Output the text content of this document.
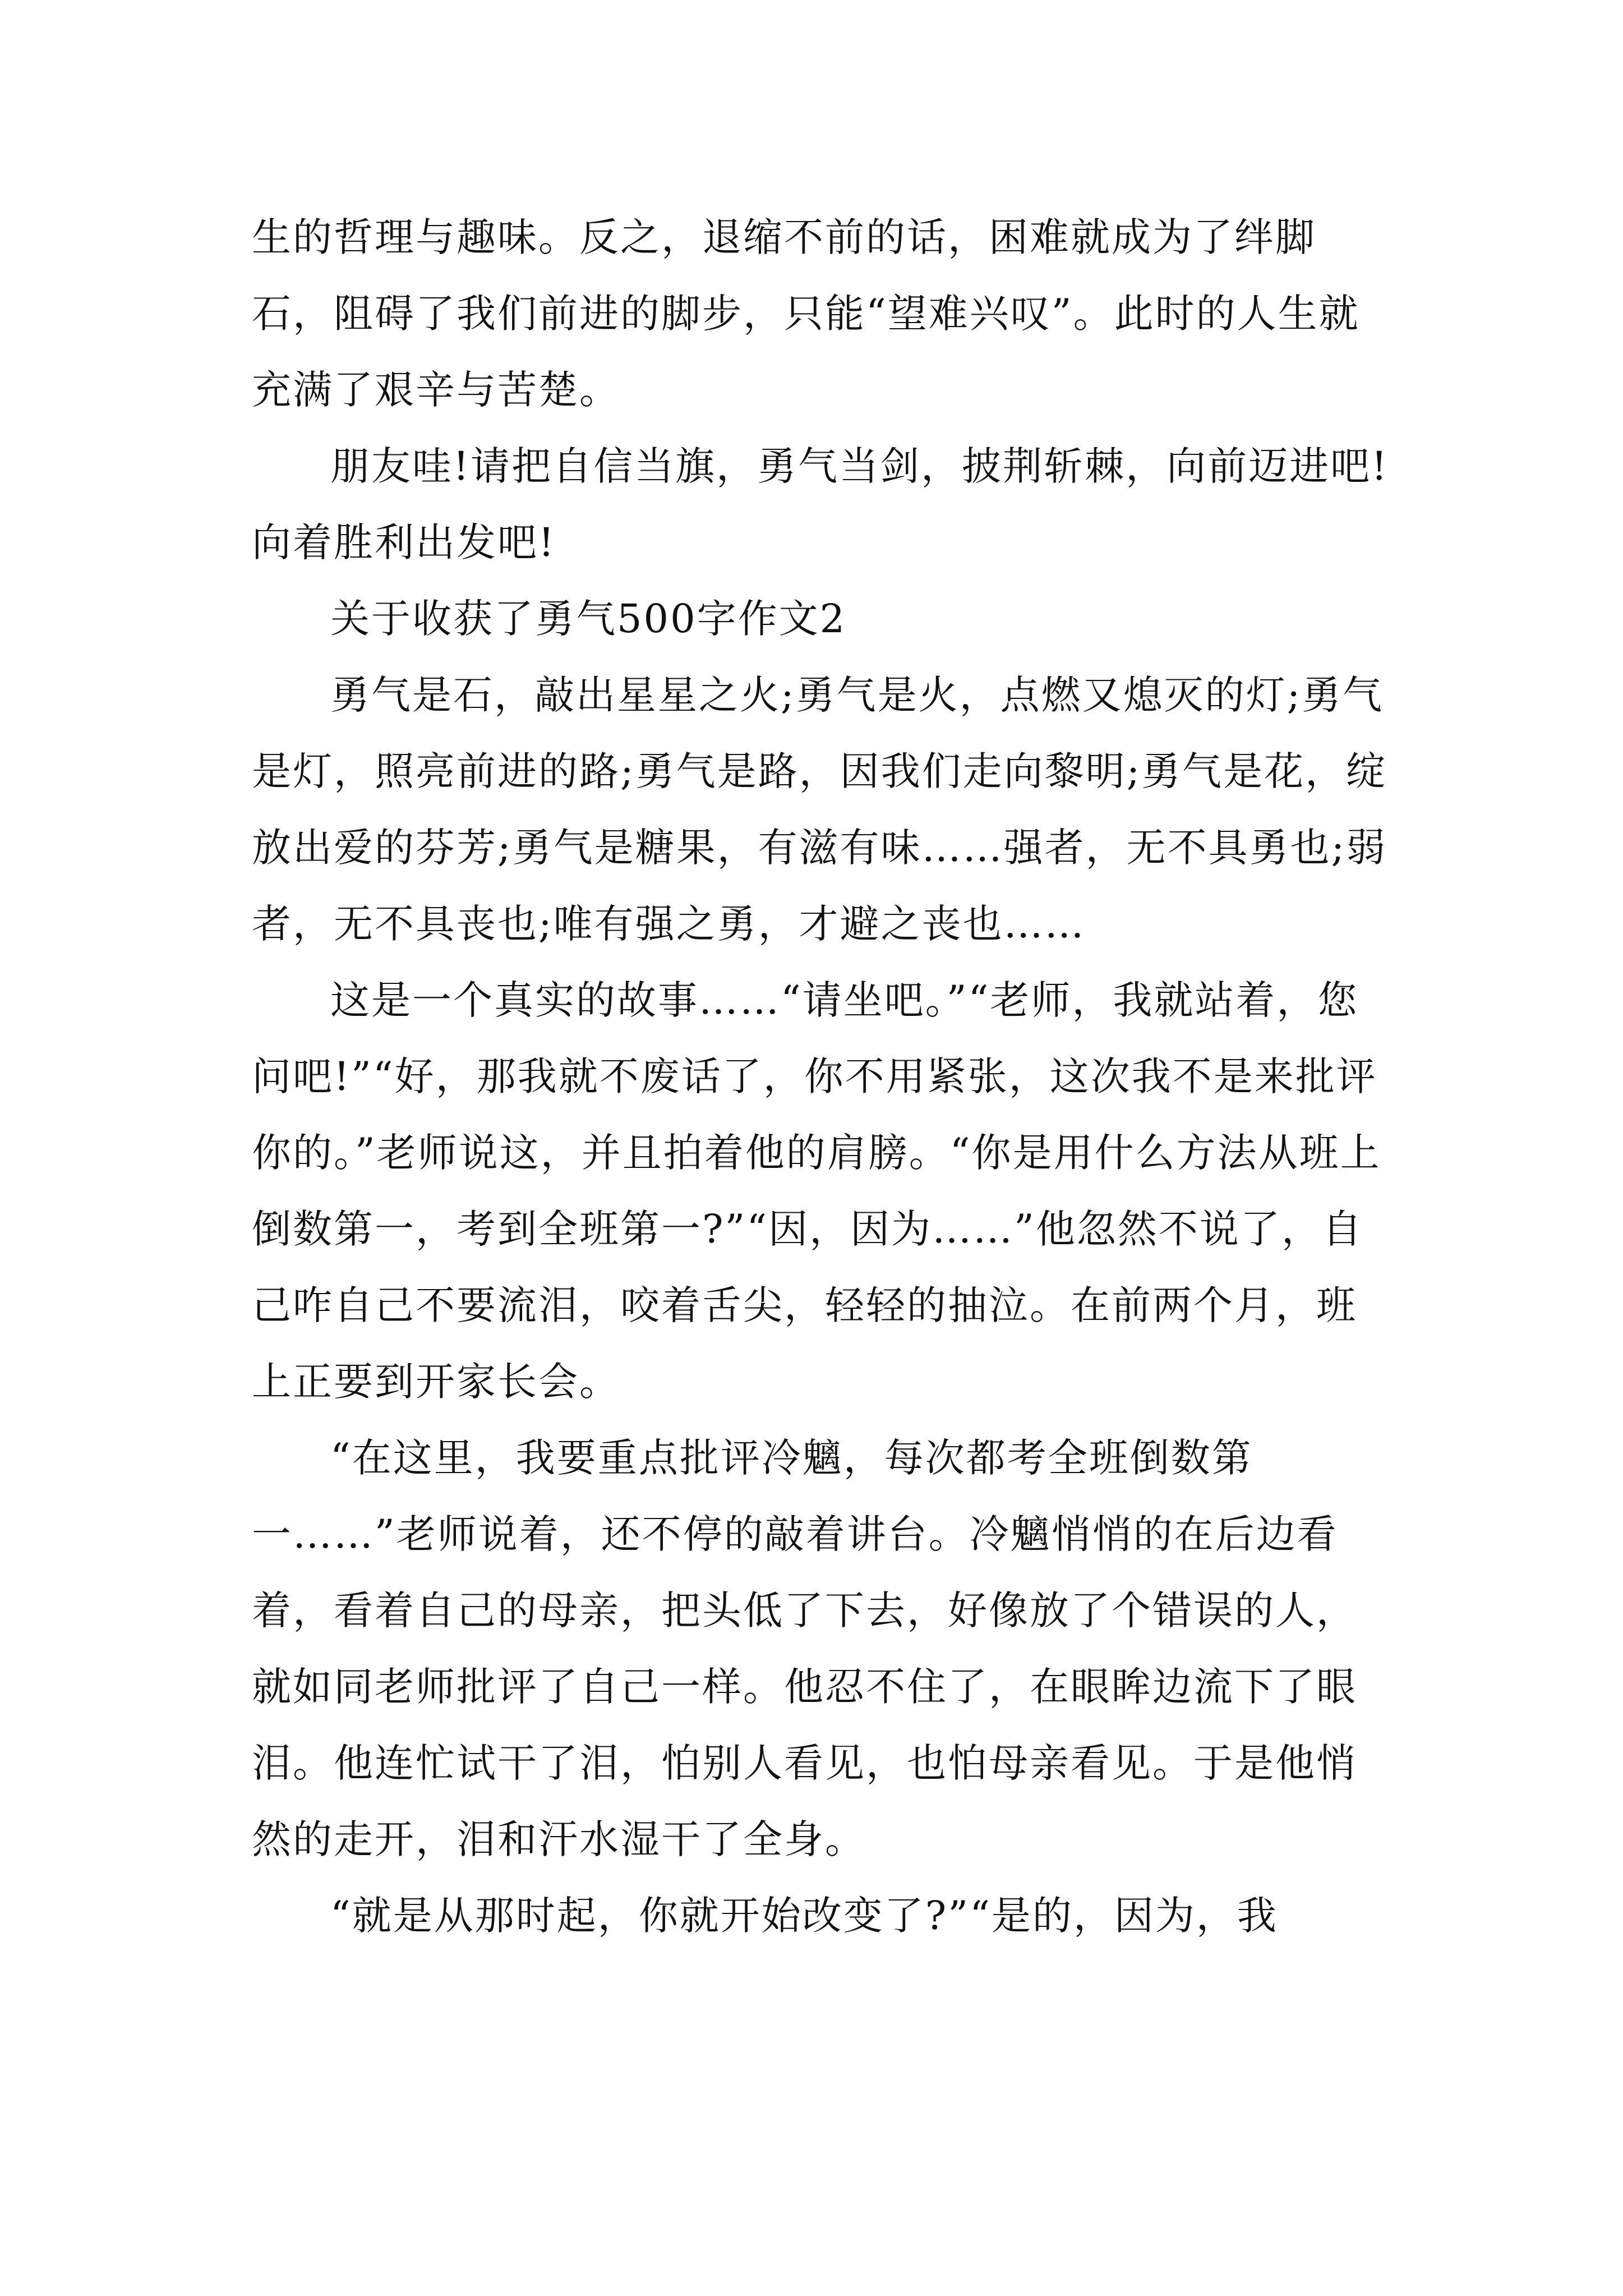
生的哲理与趣味。反之，退缩不前的话，困难就成为了绊脚石，阻碍了我们前进的脚步，只能“望难兴叹”。此时的人生就充满了艰辛与苦楚。

朋友哇!请把自信当旗，勇气当剑，披荆斩棘，向前迈进吧!向着胜利出发吧!

关于收获了勇气500字作文2

勇气是石，敲出星星之火;勇气是火，点燃又熄灭的灯;勇气是灯，照亮前进的路;勇气是路，因我们走向黎明;勇气是花，绽放出爱的芬芳;勇气是糖果，有滋有味……强者，无不具勇也;弱者，无不具丧也;唯有强之勇，才避之丧也……

这是一个真实的故事……“请坐吧。”“老师，我就站着，您问吧!”“好，那我就不废话了，你不用紧张，这次我不是来批评你的。”老师说这，并且拍着他的肩膀。“你是用什么方法从班上倒数第一，考到全班第一?”“因，因为……”他忽然不说了，自己咋自己不要流泪，咬着舌尖，轻轻的抽泣。在前两个月，班上正要到开家长会。

“在这里，我要重点批评冷魑，每次都考全班倒数第一……”老师说着，还不停的敲着讲台。冷魑悄悄的在后边看着，看着自己的母亲，把头低了下去，好像放了个错误的人，就如同老师批评了自己一样。他忍不住了，在眼眸边流下了眼泪。他连忙试干了泪，怕别人看见，也怕母亲看见。于是他悄然的走开，泪和汗水湿干了全身。

“就是从那时起，你就开始改变了?”“是的，因为，我
